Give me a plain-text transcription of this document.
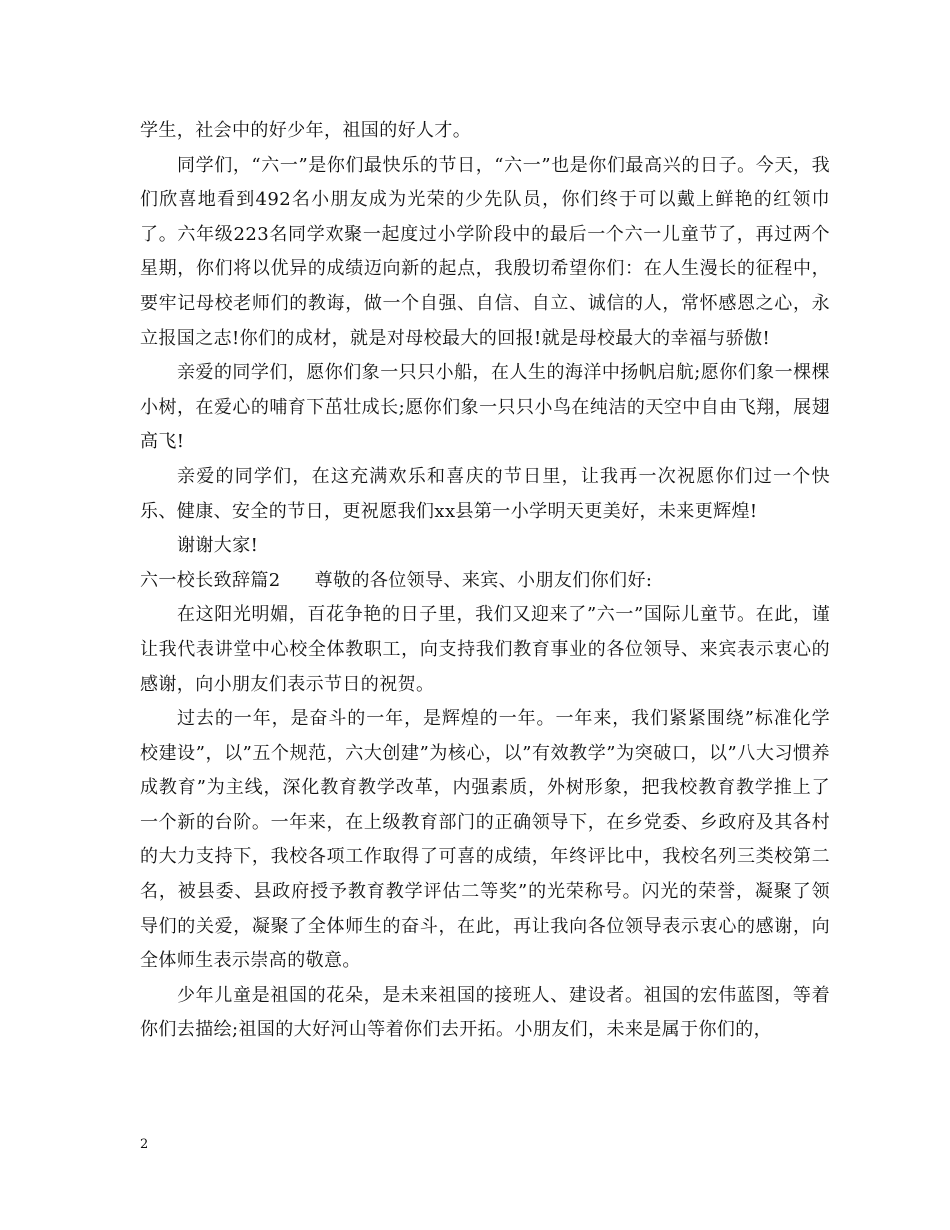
学生，社会中的好少年，祖国的好人才。

同学们，“六一”是你们最快乐的节日，“六一”也是你们最高兴的日子。今天，我们欣喜地看到492名小朋友成为光荣的少先队员，你们终于可以戴上鲜艳的红领巾了。六年级223名同学欢聚一起度过小学阶段中的最后一个六一儿童节了，再过两个星期，你们将以优异的成绩迈向新的起点，我殷切希望你们：在人生漫长的征程中，要牢记母校老师们的教诲，做一个自强、自信、自立、诚信的人，常怀感恩之心，永立报国之志!你们的成材，就是对母校最大的回报!就是母校最大的幸福与骄傲!

亲爱的同学们，愿你们象一只只小船，在人生的海洋中扬帆启航;愿你们象一棵棵小树，在爱心的哺育下茁壮成长;愿你们象一只只小鸟在纯洁的天空中自由飞翔，展翅高飞!

亲爱的同学们，在这充满欢乐和喜庆的节日里，让我再一次祝愿你们过一个快乐、健康、安全的节日，更祝愿我们xx县第一小学明天更美好，未来更辉煌!

谢谢大家!

六一校长致辞篇2 尊敬的各位领导、来宾、小朋友们你们好:

在这阳光明媚，百花争艳的日子里，我们又迎来了”六一”国际儿童节。在此，谨让我代表讲堂中心校全体教职工，向支持我们教育事业的各位领导、来宾表示衷心的感谢，向小朋友们表示节日的祝贺。

过去的一年，是奋斗的一年，是辉煌的一年。一年来，我们紧紧围绕”标准化学校建设”，以”五个规范，六大创建”为核心，以”有效教学”为突破口，以”八大习惯养成教育”为主线，深化教育教学改革，内强素质，外树形象，把我校教育教学推上了一个新的台阶。一年来，在上级教育部门的正确领导下，在乡党委、乡政府及其各村的大力支持下，我校各项工作取得了可喜的成绩，年终评比中，我校名列三类校第二名，被县委、县政府授予教育教学评估二等奖”的光荣称号。闪光的荣誉，凝聚了领导们的关爱，凝聚了全体师生的奋斗，在此，再让我向各位领导表示衷心的感谢，向全体师生表示崇高的敬意。

少年儿童是祖国的花朵，是未来祖国的接班人、建设者。祖国的宏伟蓝图，等着你们去描绘;祖国的大好河山等着你们去开拓。小朋友们，未来是属于你们的，

2
